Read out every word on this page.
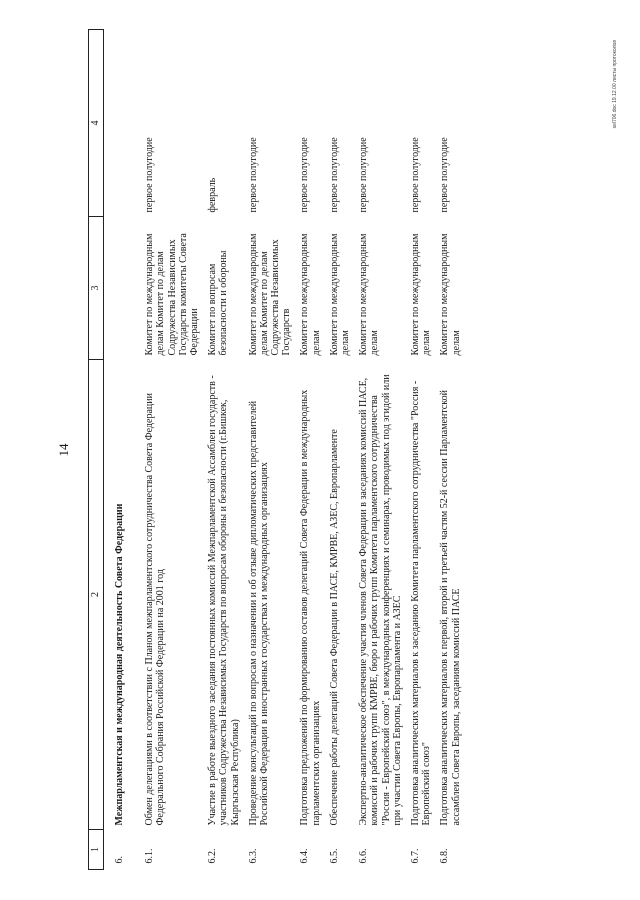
14
1	2	3	4
6.	Межпарламентская и международная деятельность Совета Федерации		
6.1.	Обмен делегациями в соответствии с Планом межпарламентского сотрудничества Совета Федерации Федерального Собрания Российской Федерации на 2001 год	Комитет по международным делам Комитет по делам Содружества Независимых Государств комитеты Совета Федерации	первое полугодие
6.2.	Участие в работе выездного заседания постоянных комиссий Межпарламентской Ассамблеи государств - участников Содружества Независимых Государств по вопросам обороны и безопасности (г.Бишкек, Кыргызская Республика)	Комитет по вопросам безопасности и обороны	февраль
6.3.	Проведение консультаций по вопросам о назначении и об отзыве дипломатических представителей Российской Федерации в иностранных государствах и международных организациях	Комитет по международным делам Комитет по делам Содружества Независимых Государств	первое полугодие
6.4.	Подготовка предложений по формированию составов делегаций Совета Федерации в международных парламентских организациях	Комитет по международным делам	первое полугодие
6.5.	Обеспечение работы делегаций Совета Федерации в ПАСЕ, КМРВЕ, АЗЕС, Европарламенте	Комитет по международным делам	первое полугодие
6.6.	Экспертно-аналитическое обеспечение участия членов Совета Федерации в заседаниях комиссий ПАСЕ, комиссий и рабочих групп КМРВЕ, бюро и рабочих групп Комитета парламентского сотрудничества "Россия - Европейский союз", в международных конференциях и семинарах, проводимых под эгидой или при участии Совета Европы, Европарламента и АЗЕС	Комитет по международным делам	первое полугодие
6.7.	Подготовка аналитических материалов к заседанию Комитета парламентского сотрудничества "Россия - Европейский союз"	Комитет по международным делам	первое полугодие
6.8.	Подготовка аналитических материалов к первой, второй и третьей частям 52-й сессии Парламентской ассамблеи Совета Европы, заседаниям комиссий ПАСЕ	Комитет по международным делам	первое полугодие
sel706.doc 19.12.00 листы протоколов
